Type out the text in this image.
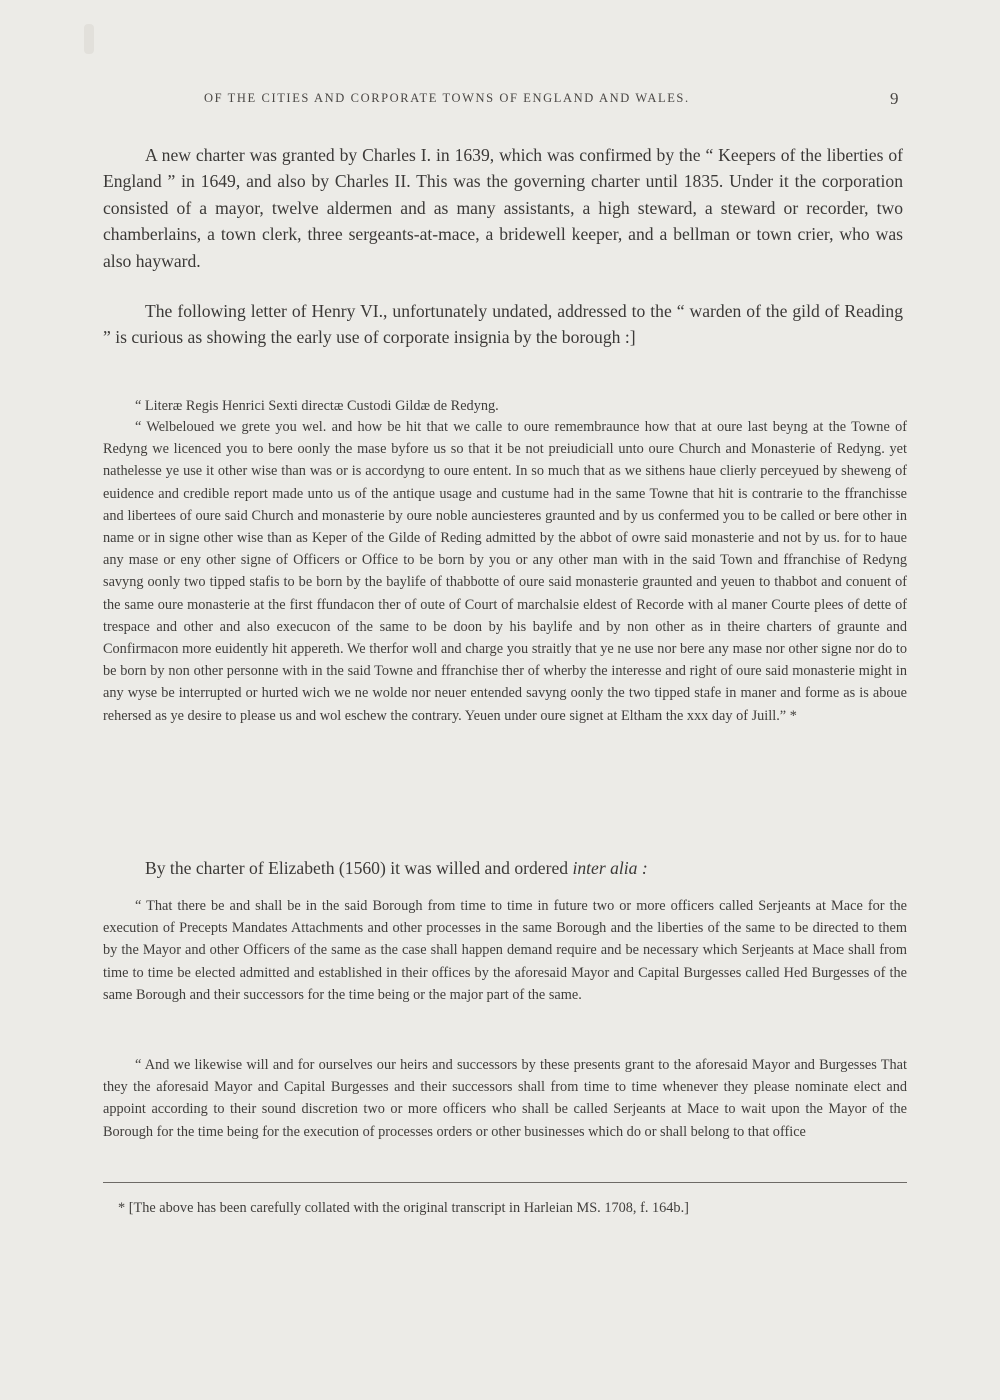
OF THE CITIES AND CORPORATE TOWNS OF ENGLAND AND WALES.	9

A new charter was granted by Charles I. in 1639, which was confirmed by the “ Keepers of the liberties of England ” in 1649, and also by Charles II. This was the governing charter until 1835. Under it the corporation consisted of a mayor, twelve aldermen and as many assistants, a high steward, a steward or recorder, two chamberlains, a town clerk, three sergeants-at-mace, a bridewell keeper, and a bellman or town crier, who was also hayward.

The following letter of Henry VI., unfortunately undated, addressed to the “ warden of the gild of Reading ” is curious as showing the early use of corporate insignia by the borough :]

“ Literæ Regis Henrici Sexti directæ Custodi Gildæ de Redyng.

“ Welbeloued we grete you wel. and how be hit that we calle to oure remembraunce how that at oure last beyng at the Towne of Redyng we licenced you to bere oonly the mase byfore us so that it be not preiudiciall unto oure Church and Monasterie of Redyng. yet nathelesse ye use it other wise than was or is accordyng to oure entent. In so much that as we sithens haue clierly perceyued by sheweng of euidence and credible report made unto us of the antique usage and custume had in the same Towne that hit is contrarie to the ffranchisse and libertees of oure said Church and monasterie by oure noble aunciesteres graunted and by us confermed you to be called or bere other in name or in signe other wise than as Keper of the Gilde of Reding admitted by the abbot of owre said monasterie and not by us. for to haue any mase or eny other signe of Officers or Office to be born by you or any other man with in the said Town and ffranchise of Redyng savyng oonly two tipped stafis to be born by the baylife of thabbotte of oure said monasterie graunted and yeuen to thabbot and conuent of the same oure monasterie at the first ffundacon ther of oute of Court of marchalsie eldest of Recorde with al maner Courte plees of dette of trespace and other and also execucon of the same to be doon by his baylife and by non other as in theire charters of graunte and Confirmacon more euidently hit appereth. We therfor woll and charge you straitly that ye ne use nor bere any mase nor other signe nor do to be born by non other personne with in the said Towne and ffranchise ther of wherby the interesse and right of oure said monasterie might in any wyse be interrupted or hurted wich we ne wolde nor neuer entended savyng oonly the two tipped stafe in maner and forme as is aboue rehersed as ye desire to please us and wol eschew the contrary. Yeuen under oure signet at Eltham the xxx day of Juill.” *

By the charter of Elizabeth (1560) it was willed and ordered inter alia :

“ That there be and shall be in the said Borough from time to time in future two or more officers called Serjeants at Mace for the execution of Precepts Mandates Attachments and other processes in the same Borough and the liberties of the same to be directed to them by the Mayor and other Officers of the same as the case shall happen demand require and be necessary which Serjeants at Mace shall from time to time be elected admitted and established in their offices by the aforesaid Mayor and Capital Burgesses called Hed Burgesses of the same Borough and their successors for the time being or the major part of the same.

“ And we likewise will and for ourselves our heirs and successors by these presents grant to the aforesaid Mayor and Burgesses That they the aforesaid Mayor and Capital Burgesses and their successors shall from time to time whenever they please nominate elect and appoint according to their sound discretion two or more officers who shall be called Serjeants at Mace to wait upon the Mayor of the Borough for the time being for the execution of processes orders or other businesses which do or shall belong to that office

* [The above has been carefully collated with the original transcript in Harleian MS. 1708, f. 164b.]
